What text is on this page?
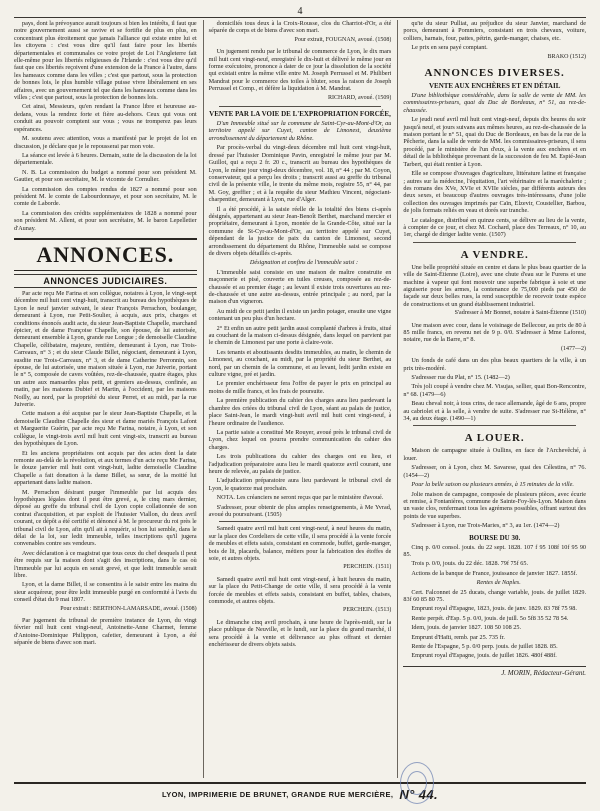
4

pays, dont la prévoyance aurait toujours si bien les intérêts, il faut que notre gouvernement aussi se ravive et se fortifie de plus en plus, en concentrant plus étroitement que jamais l'alliance qui existe entre lui et les citoyens : c'est vous dire qu'il faut faire pour les libertés départementales et communales ce votre projet de Loi l'Angleterre fait elle-même pour les libertés religieuses de l'Irlande : c'est vous dire qu'il faut que ces libertés reçoivent d'une extension de la France à l'autre, dans les hameaux comme dans les villes ; c'est que partout, sous la protection de bonnes lois, le plus humble village puisse vivre libéralement en ses affaires, avec un gouvernement tel que dans les hameaux comme dans les villes ; c'est que partout, sous la protection de bonnes lois.

Cet ainsi, Messieurs, qu'en rendant la France libre et heureuse au-dedans, vous la rendrez forte et fière au-dehors. Ceux qui vous ont conduit au pouvoir comptent sur vous ; vous ne tromperez pas leurs espérances.

M. soutenu avec attention, vous a manifesté par le projet de loi en discussion, je déclare que je le repousserai par mon vote.

La séance est levée à 6 heures. Demain, suite de la discussion de la loi départementale.

N. B. La commission du budget a nommé pour son président M. Gautier, et pour son secrétaire, M. le vicomte de Cornulier.

La commission des comptes rendus de 1827 a nommé pour son président M. le comte de Labourdonnaye, et pour son secrétaire, M. le comte de Laborde.

La commission des crédits supplémentaires de 1828 a nommé pour son président M. Allent, et pour son secrétaire, M. le baron Lepelletier d'Aunay.

ANNONCES.
ANNONCES JUDICIAIRES.

Par acte reçu Me Farina et son collègue, notaires à Lyon, le vingt-sept décembre mil huit cent vingt-huit, transcrit au bureau des hypothèques de Lyon le neuf janvier suivant, le sieur François Perrachon, boulanger, demeurant à Lyon, rue Petit-Soulier, à acquis, aux prix, charges et conditions énoncés audit acte, du sieur Jean-Baptiste Chapelle, marchand épicier, et de dame Françoise Chapelle, son épouse, de lui autorisée, demeurant ensemble à Lyon, grande rue Longue ; de demoiselle Claudine Chapelle, célibataire, majeure, rentière, demeurant à Lyon, rue Trois-Carreaux, n° 3 ; et du sieur Claude Billet, négociant, demeurant à Lyon, susdite rue Trois-Carreaux, n° 3, et de dame Catherine Perronnin, son épouse, de lui autorisée, une maison située à Lyon, rue Juiverie, portant le n° 5, composée de caves voûtées, rez-de-chaussée, quatre étages, plus un autre aux mansardes plus petit, et greniers au-dessus, confinée, au matin, par les maisons Dubief et Martin, à l'occident, par les maisons Noilly, au nord, par la propriété du sieur Perret, et au midi, par la rue Juiverie.

Cette maison a été acquise par le sieur Jean-Baptiste Chapelle, et la demoiselle Claudine Chapelle des sieur et dame mariés François Lafont et Marguerite Guérin, par acte reçu Me Farina, notaire, à Lyon, et son collègue, le vingt-trois avril mil huit cent vingt-six, transcrit au bureau des hypothèques de Lyon.

Et les anciens propriétaires ont acquis par des actes dont la date remonte au-delà de la révolution, et aux termes d'un acte reçu Me Farina, le douze janvier mil huit cent vingt-huit, ladite demoiselle Claudine Chapelle a fait donation à la dame Billet, sa sœur, de la moitié lui appartenant dans ladite maison.

M. Perrachon désirant purger l'immeuble par lui acquis des hypothèques légales dont il peut être grevé, a, le cinq mars dernier, déposé au greffe du tribunal civil de Lyon copie collationnée de son contrat d'acquisition, et par exploit de l'huissier Viallon, du deux avril courant, ce dépôt a été certifié et dénoncé à M. le procureur du roi près le tribunal civil de Lyon, afin qu'il ait à requérir, si bon lui semble, dans le délai de la loi, sur ledit immeuble, telles inscriptions qu'il jugera convenables contre ses vendeurs.

Avec déclaration à ce magistrat que tous ceux du chef desquels il peut être requis sur la maison dont s'agit des inscriptions, dans le cas où l'immeuble par lui acquis en serait grevé, et que ledit immeuble serait libre.

Lyon, et la dame Billet, il se consentira à le saisir entre les mains du sieur acquéreur, pour être ledit immeuble purgé en conformité à l'avis du conseil d'état du 9 mai 1807.

Pour extrait : BERTHON-LAMARSADE, avoué. (1508)

Par jugement du tribunal de première instance de Lyon, du vingt février mil huit cent vingt-neuf, Antoinette-Anne Charmet, femme d'Antoine-Dominique Philippon, cafetier, demeurant à Lyon, a été séparée de biens d'avec son mari.

domiciliés tous deux à la Croix-Rousse, clos du Charriot-d'Or, a été séparée de corps et de biens d'avec son mari.

Pour extrait, FOUGNAN, avoué. (1508)

Un jugement rendu par le tribunal de commerce de Lyon, le dix mars mil huit cent vingt-neuf, enregistré le dix-huit et délivré le même jour en forme exécutoire, prononce à dater de ce jour la dissolution de la société qui existait entre la même ville entre M. Joseph Perrussel et M. Philibert Mandrat pour le commerce des toiles à bluter, sous la raison de Joseph Perrussel et Comp., et défère la liquidation à M. Mandrat.

RICHARD, avoué. (1509)

VENTE PAR LA VOIE DE L'EXPROPRIATION FORCÉE,

D'un Immeuble situé sur la commune de Saint-Cyr-au-Mont-d'Or, au territoire appelé sur Cuyet, canton de Limonest, deuxième arrondissement du département du Rhône.

Par procès-verbal du vingt-deux décembre mil huit cent vingt-huit, dressé par l'huissier Dominique Pavin, enregistré le même jour par M. Guillot, qui a reçu 2 fr. 20 c., transcrit au bureau des hypothèques de Lyon, le même jour vingt-deux décembre, vol. 18, n° 44 ; par M. Coyon, conservateur, qui a perçu les droits ; transcrit aussi au greffe du tribunal civil de la présente ville, le trente du même mois, registre 55, n° 44, par M. Goy, greffier ; et à la requête du sieur Mathieu Vincent, négociant-charpentier, demeurant à Lyon, rue d'Alger.

Il a été procédé, à la saisie réelle de la totalité des biens ci-après désignés, appartenant au sieur Jean-Benoît Berthet, marchand mercier et propriétaire, demeurant à Lyon, montée de la Grande-Côte, situé sur la commune de St-Cyr-au-Mont-d'Or, au territoire appelé sur Cuyet, dépendant de la justice de paix du canton de Limonest, second arrondissement du département du Rhône, l'immeuble saisi se compose de divers objets détaillés ci-après.

Désignation et confins de l'immeuble saisi :

L'immeuble saisi consiste en une maison de maître construite en maçonnerie et pisé, couverte en tuiles creuses, composée au rez-de-chaussée et au premier étage ; au levant il existe trois ouvertures au rez-de-chaussée et une autre au-dessus, entrée principale ; au nord, par la maison d'un vigneron.

Au midi de ce petit jardin il existe un jardin potager, ensuite une vigne contenant un peu plus d'un hectare.

2° Et enfin un autre petit jardin aussi complanté d'arbres à fruits, situé au couchant de la maison ci-dessus désignée, dans lequel on parvient par le chemin de Limonest par une porte à claire-voie.

Les tenants et aboutissants desdits immeubles, au matin, le chemin de Limonest, au couchant, au midi, par la propriété du sieur Berthet, au nord, par un chemin de la commune, et au levant, ledit jardin existe en culture vigne, pré et jardin.

Le premier enchérisseur fera l'offre de payer le prix en principal au moins de mille francs, et les frais de poursuite.

La première publication du cahier des charges aura lieu pardevant la chambre des criées du tribunal civil de Lyon, séant au palais de justice, place Saint-Jean, le mardi vingt-huit avril mil huit cent vingt-neuf, à l'heure ordinaire de l'audience.

La partie saisie a constitué Me Rouyer, avoué près le tribunal civil de Lyon, chez lequel on pourra prendre communication du cahier des charges.

Les trois publications du cahier des charges ont eu lieu, et l'adjudication préparatoire aura lieu le mardi quatorze avril courant, une heure de relevée, au palais de justice.

L'adjudication préparatoire aura lieu pardevant le tribunal civil de Lyon, le quatorze mai prochain.

NOTA. Les créanciers ne seront reçus que par le ministère d'avoué.

S'adresser, pour obtenir de plus amples renseignements, à Me Yvrad, avoué du poursuivant. (1505)

Samedi quatre avril mil huit cent vingt-neuf, à neuf heures du matin, sur la place des Cordeliers de cette ville, il sera procédé à la vente forcée de meubles et effets saisis, consistant en commode, buffet, garde-manger, bois de lit, placards, balance, métiers pour la fabrication des étoffes de soie, et autres objets.

PERCHEIN. (1511)

Samedi quatre avril mil huit cent vingt-neuf, à huit heures du matin, sur la place du Petit-Change de cette ville, il sera procédé à la vente forcée de meubles et effets saisis, consistant en buffet, tables, chaises, commode, et autres objets.

PERCHEIN. (1513)

Le dimanche cinq avril prochain, à une heure de l'après-midi, sur la place publique de Neuville, et le lundi, sur la place du grand marché, il sera procédé à la vente et délivrance au plus offrant et dernier enchérisseur de divers objets saisis.

qu'te du sieur Pulliat, au préjudice du sieur Janvier, marchand de porcs, demeurant à Pommiers, consistant en trois chevaux, voiture, colliers, harnais, four, pattes, pétrin, garde-manger, chaises, etc.

Le prix en sera payé comptant.

BRAKO (1512)

ANNONCES DIVERSES.
VENTE AUX ENCHÈRES ET EN DÉTAIL

D'une bibliothèque considérable, dans la salle de vente de MM. les commissaires-priseurs, quai du Duc de Bordeaux, n° 51, au rez-de-chaussée.

Le jeudi neuf avril mil huit cent vingt-neuf, depuis dix heures du soir jusqu'à neuf, et jours suivans aux mêmes heures, au rez-de-chaussée de la maison portant le n° 51, quai du Duc de Bordeaux, en bas de la rue de la Pêcherie, dans la salle de vente de MM. les commissaires-priseurs, il sera procédé, par le ministère de l'un d'eux, à la vente aux enchères et en détail de la bibliothèque provenant de la succession de feu M. Espié-Jean Tarbert, qui était rentier à Lyon.

Elle se compose d'ouvrages d'agriculture, littérature latine et française ; autres sur la médecine, l'équitation, l'art vétérinaire et la maréchalerie ; des romans des XVe, XVIe et XVIIe siècles, par différents auteurs des deux sexes, et beaucoup d'autres ouvrages très-intéressans, d'une jolie collection des ouvrages imprimés par Caïn, Elzevir, Coustellier, Barbou, de jolis formats reliés en veau et dorés sur tranche.

Le catalogue, distribué en quinze cents, se délivre au lieu de la vente, à compter de ce jour, et chez M. Cochard, place des Terreaux, n° 10, au 1er, chargé de diriger ladite vente. (1507)

A VENDRE.

Une belle propriété située en centre et dans le plus beau quartier de la ville de Saint-Étienne (Loire), avec une chute d'eau sur le Furens et une machine à vapeur qui font mouvoir une superbe fabrique à soie et une aiguiserie pour les armes, la contenance de 75,000 pieds par 450 de façade sur deux belles rues, la rend susceptible de recevoir toute espèce de constructions et un grand établissement industriel.

S'adresser à Mr Bonnet, notaire à Saint-Étienne (1510)

Une maison avec cour, dans le voisinage de Bellecour, au prix de 80 à 85 mille francs, en revenu net de 9 p. 0/0. S'adresser à Mme Laforest, notaire, rue de la Barre, n° 8.

(1477—2)

Un fonds de café dans un des plus beaux quartiers de la ville, à un prix très-modéré.

S'adresser rue du Plat, n° 15. (1482—2)

Très joli coupé à vendre chez M. Visujas, sellier, quai Bon-Rencontre, n° 68. (1479—6)

Beau cheval noir, à tous crins, de race allemande, âgé de 6 ans, propre au cabriolet et à la selle, à vendre de suite. S'adresser rue St-Hélène, n° 34, au deux étage. (1490—1)

A LOUER.

Maison de campagne située à Oullins, en face de l'Archevêché, à louer.

S'adresser, on à Lyon, chez M. Savarese, quai des Célestins, n° 76. (1454—2)

Pour la belle saison ou plusieurs années, à 15 minutes de la ville.

Jolie maison de campagne, composée de plusieurs pièces, avec écurie et remise, à Fontanières, commune de Sainte-Foy-lès-Lyon. Maison dans un vaste clos, renfermant tous les agrémens possibles, offrant surtout des points de vue superbes.

S'adresser à Lyon, rue Trois-Maries, n° 3, au 1er. (1474—2)

BOURSE DU 30.

Cinq p. 0/0 consol. jouis. du 22 sept. 1828. 107 f 95 108f 10f 95 90 85.

Trois p. 0/0, jouis. du 22 déc. 1828. 79f 75f 65.

Actions de la banque de France, jouissance de janvier 1827. 1855f.

Rentes de Naples.

Cert. Falconnet de 25 ducats, change variable, jouis. de juillet 1829. 83f 60 85 80 75.

Emprunt royal d'Espagne, 1823, jouis. de janv. 1829. 83 78f 75 98.

Rente perpét. d'Esp. 5 p. 0/0, jouis. de juill. 5o 5f8 35 52 78 54.

Idem, jouis. de janvier 1827. 108 50 108 25.

Emprunt d'Haïti, remb. par 25. 735 fr.

Rente de l'Espagne, 5 p. 0/0 perp. jouis. de juillet 1828. 85.

Emprunt royal d'Espagne, jouis. de juillet 1826. 480f 488f.

J. MORIN, Rédacteur-Gérant.
LYON, IMPRIMERIE DE BRUNET, GRANDE RUE MERCIÈRE, N° 44.
